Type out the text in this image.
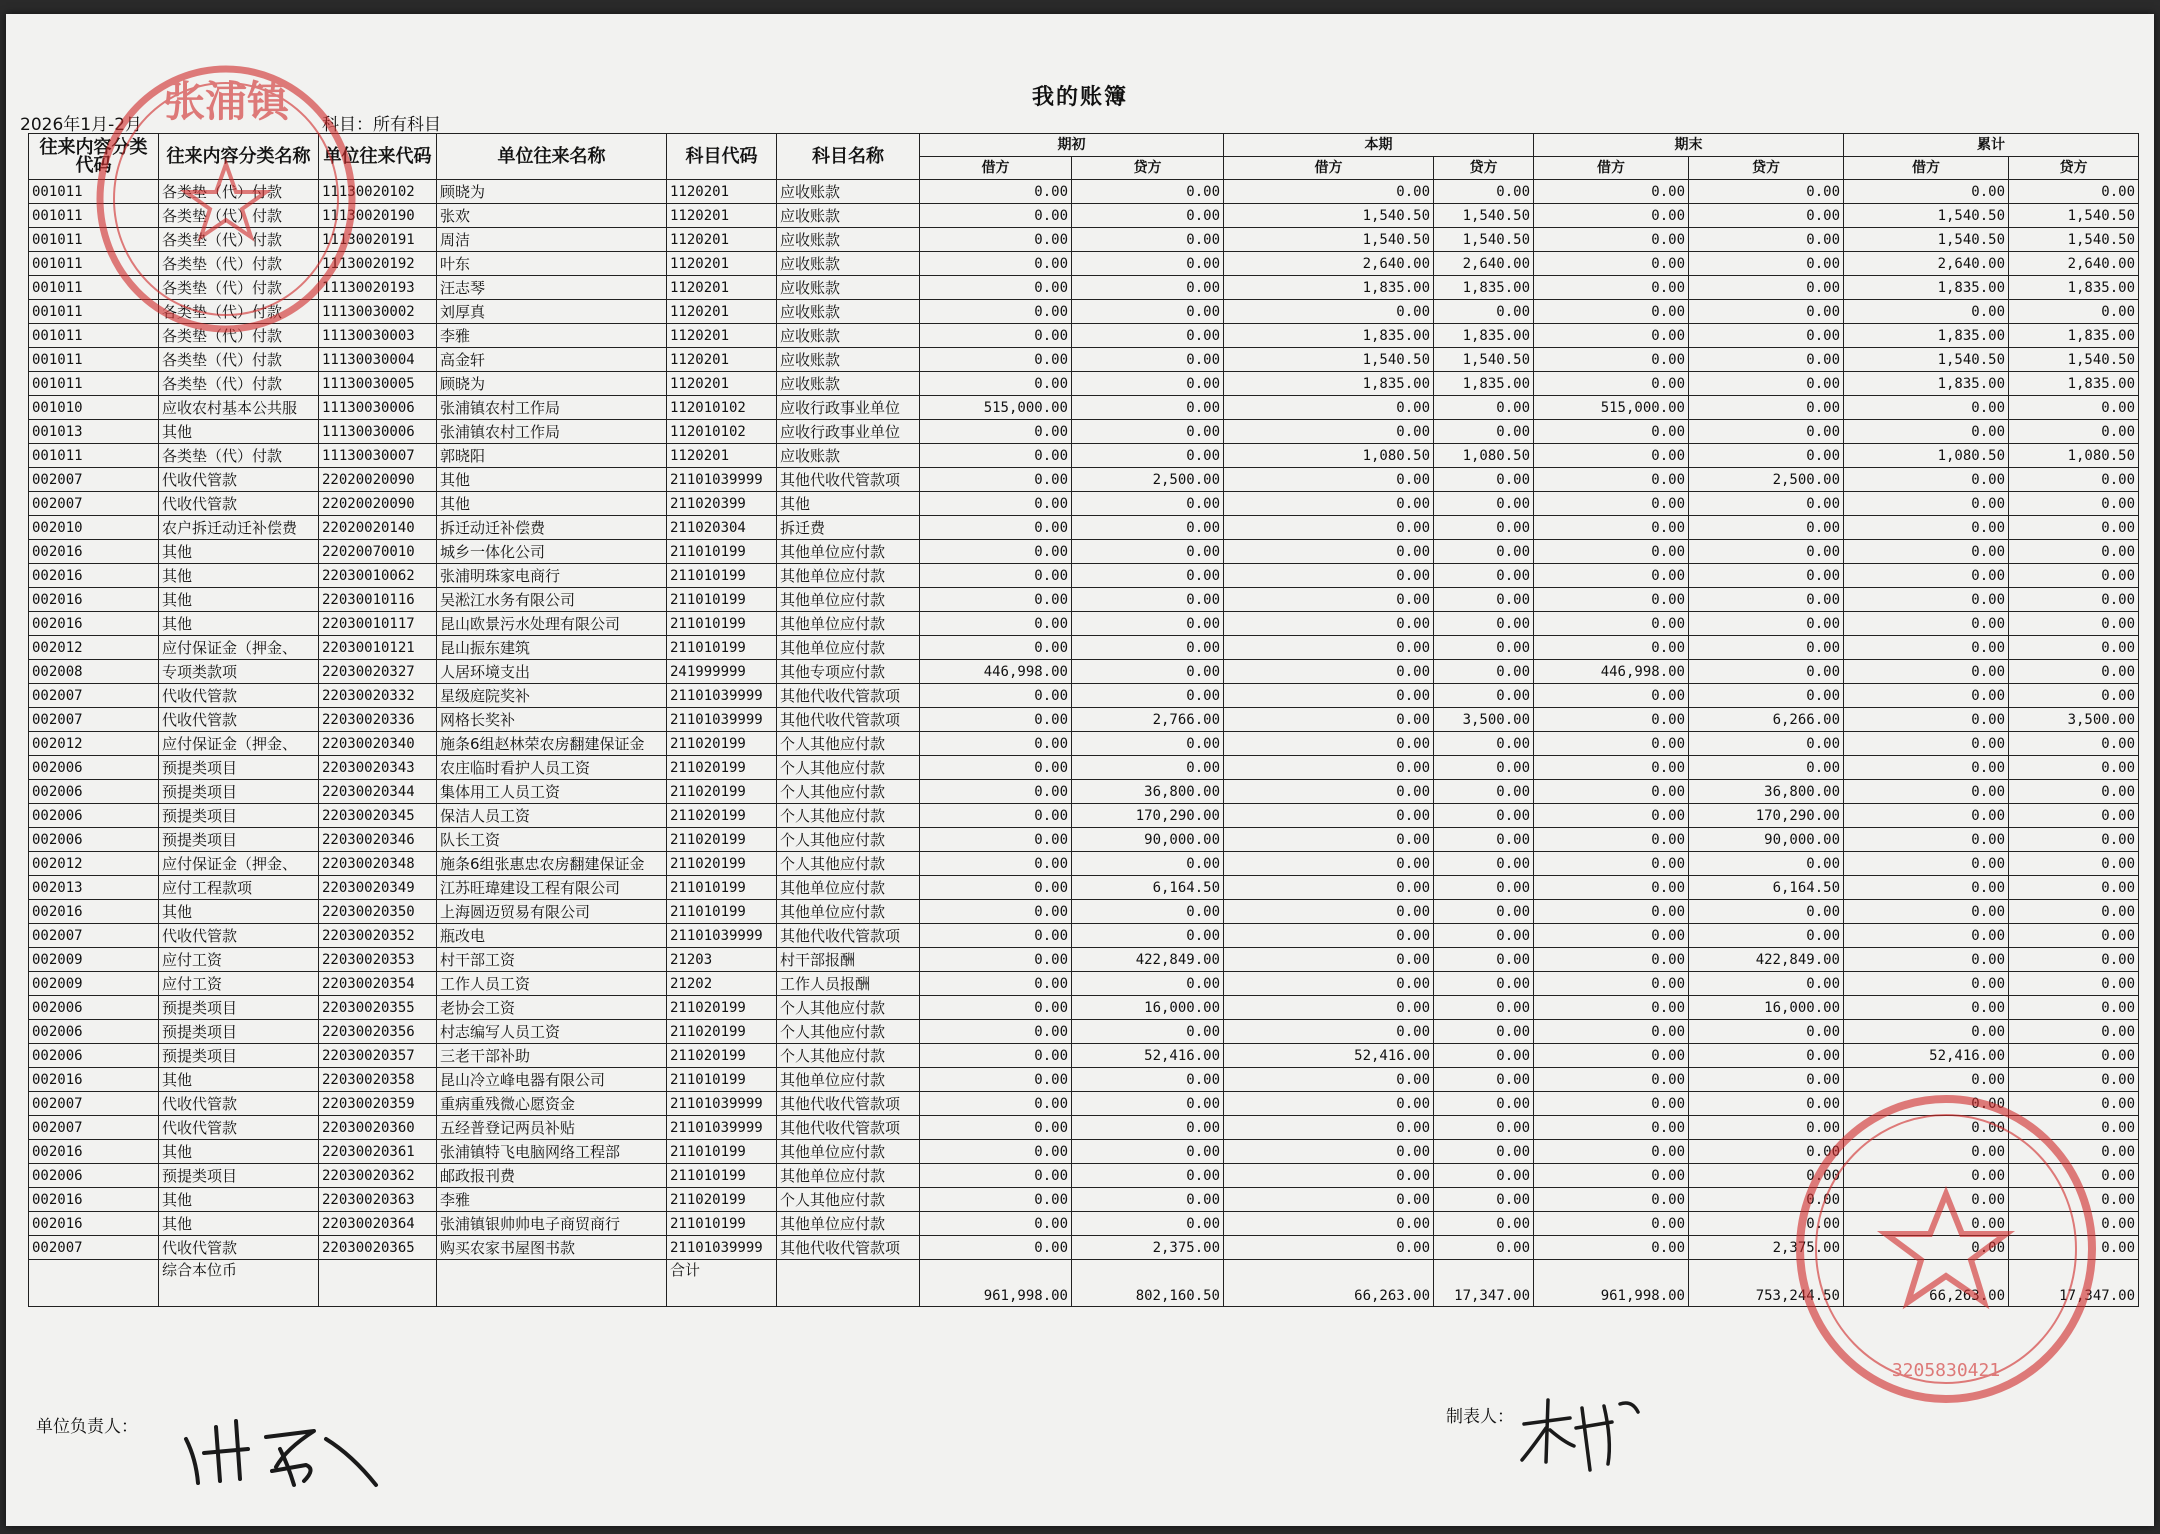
我的账簿
2026年1月-2月	科目：所有科目
往来内容分类代码	往来内容分类名称	单位往来代码	单位往来名称	科目代码	科目名称	期初		本期		期末		累计	
						借方	贷方	借方	贷方	借方	贷方	借方	贷方
001011	各类垫（代）付款	11130020102	顾晓为	1120201	应收账款	0.00	0.00	0.00	0.00	0.00	0.00	0.00	0.00
001011	各类垫（代）付款	11130020190	张欢	1120201	应收账款	0.00	0.00	1,540.50	1,540.50	0.00	0.00	1,540.50	1,540.50
001011	各类垫（代）付款	11130020191	周洁	1120201	应收账款	0.00	0.00	1,540.50	1,540.50	0.00	0.00	1,540.50	1,540.50
001011	各类垫（代）付款	11130020192	叶东	1120201	应收账款	0.00	0.00	2,640.00	2,640.00	0.00	0.00	2,640.00	2,640.00
001011	各类垫（代）付款	11130020193	汪志琴	1120201	应收账款	0.00	0.00	1,835.00	1,835.00	0.00	0.00	1,835.00	1,835.00
001011	各类垫（代）付款	11130030002	刘厚真	1120201	应收账款	0.00	0.00	0.00	0.00	0.00	0.00	0.00	0.00
001011	各类垫（代）付款	11130030003	李雅	1120201	应收账款	0.00	0.00	1,835.00	1,835.00	0.00	0.00	1,835.00	1,835.00
001011	各类垫（代）付款	11130030004	高金轩	1120201	应收账款	0.00	0.00	1,540.50	1,540.50	0.00	0.00	1,540.50	1,540.50
001011	各类垫（代）付款	11130030005	顾晓为	1120201	应收账款	0.00	0.00	1,835.00	1,835.00	0.00	0.00	1,835.00	1,835.00
001010	应收农村基本公共服	11130030006	张浦镇农村工作局	112010102	应收行政事业单位	515,000.00	0.00	0.00	0.00	515,000.00	0.00	0.00	0.00
001013	其他	11130030006	张浦镇农村工作局	112010102	应收行政事业单位	0.00	0.00	0.00	0.00	0.00	0.00	0.00	0.00
001011	各类垫（代）付款	11130030007	郭晓阳	1120201	应收账款	0.00	0.00	1,080.50	1,080.50	0.00	0.00	1,080.50	1,080.50
002007	代收代管款	22020020090	其他	21101039999	其他代收代管款项	0.00	2,500.00	0.00	0.00	0.00	2,500.00	0.00	0.00
002007	代收代管款	22020020090	其他	211020399	其他	0.00	0.00	0.00	0.00	0.00	0.00	0.00	0.00
002010	农户拆迁动迁补偿费	22020020140	拆迁动迁补偿费	211020304	拆迁费	0.00	0.00	0.00	0.00	0.00	0.00	0.00	0.00
002016	其他	22020070010	城乡一体化公司	211010199	其他单位应付款	0.00	0.00	0.00	0.00	0.00	0.00	0.00	0.00
002016	其他	22030010062	张浦明珠家电商行	211010199	其他单位应付款	0.00	0.00	0.00	0.00	0.00	0.00	0.00	0.00
002016	其他	22030010116	吴淞江水务有限公司	211010199	其他单位应付款	0.00	0.00	0.00	0.00	0.00	0.00	0.00	0.00
002016	其他	22030010117	昆山欧景污水处理有限公司	211010199	其他单位应付款	0.00	0.00	0.00	0.00	0.00	0.00	0.00	0.00
002012	应付保证金（押金、	22030010121	昆山振东建筑	211010199	其他单位应付款	0.00	0.00	0.00	0.00	0.00	0.00	0.00	0.00
002008	专项类款项	22030020327	人居环境支出	241999999	其他专项应付款	446,998.00	0.00	0.00	0.00	446,998.00	0.00	0.00	0.00
002007	代收代管款	22030020332	星级庭院奖补	21101039999	其他代收代管款项	0.00	0.00	0.00	0.00	0.00	0.00	0.00	0.00
002007	代收代管款	22030020336	网格长奖补	21101039999	其他代收代管款项	0.00	2,766.00	0.00	3,500.00	0.00	6,266.00	0.00	3,500.00
002012	应付保证金（押金、	22030020340	施条6组赵林荣农房翻建保证金	211020199	个人其他应付款	0.00	0.00	0.00	0.00	0.00	0.00	0.00	0.00
002006	预提类项目	22030020343	农庄临时看护人员工资	211020199	个人其他应付款	0.00	0.00	0.00	0.00	0.00	0.00	0.00	0.00
002006	预提类项目	22030020344	集体用工人员工资	211020199	个人其他应付款	0.00	36,800.00	0.00	0.00	0.00	36,800.00	0.00	0.00
002006	预提类项目	22030020345	保洁人员工资	211020199	个人其他应付款	0.00	170,290.00	0.00	0.00	0.00	170,290.00	0.00	0.00
002006	预提类项目	22030020346	队长工资	211020199	个人其他应付款	0.00	90,000.00	0.00	0.00	0.00	90,000.00	0.00	0.00
002012	应付保证金（押金、	22030020348	施条6组张惠忠农房翻建保证金	211020199	个人其他应付款	0.00	0.00	0.00	0.00	0.00	0.00	0.00	0.00
002013	应付工程款项	22030020349	江苏旺瑋建设工程有限公司	211010199	其他单位应付款	0.00	6,164.50	0.00	0.00	0.00	6,164.50	0.00	0.00
002016	其他	22030020350	上海圆迈贸易有限公司	211010199	其他单位应付款	0.00	0.00	0.00	0.00	0.00	0.00	0.00	0.00
002007	代收代管款	22030020352	瓶改电	21101039999	其他代收代管款项	0.00	0.00	0.00	0.00	0.00	0.00	0.00	0.00
002009	应付工资	22030020353	村干部工资	21203	村干部报酬	0.00	422,849.00	0.00	0.00	0.00	422,849.00	0.00	0.00
002009	应付工资	22030020354	工作人员工资	21202	工作人员报酬	0.00	0.00	0.00	0.00	0.00	0.00	0.00	0.00
002006	预提类项目	22030020355	老协会工资	211020199	个人其他应付款	0.00	16,000.00	0.00	0.00	0.00	16,000.00	0.00	0.00
002006	预提类项目	22030020356	村志编写人员工资	211020199	个人其他应付款	0.00	0.00	0.00	0.00	0.00	0.00	0.00	0.00
002006	预提类项目	22030020357	三老干部补助	211020199	个人其他应付款	0.00	52,416.00	52,416.00	0.00	0.00	0.00	52,416.00	0.00
002016	其他	22030020358	昆山冷立峰电器有限公司	211010199	其他单位应付款	0.00	0.00	0.00	0.00	0.00	0.00	0.00	0.00
002007	代收代管款	22030020359	重病重残微心愿资金	21101039999	其他代收代管款项	0.00	0.00	0.00	0.00	0.00	0.00	0.00	0.00
002007	代收代管款	22030020360	五经普登记两员补贴	21101039999	其他代收代管款项	0.00	0.00	0.00	0.00	0.00	0.00	0.00	0.00
002016	其他	22030020361	张浦镇特飞电脑网络工程部	211010199	其他单位应付款	0.00	0.00	0.00	0.00	0.00	0.00	0.00	0.00
002006	预提类项目	22030020362	邮政报刊费	211010199	其他单位应付款	0.00	0.00	0.00	0.00	0.00	0.00	0.00	0.00
002016	其他	22030020363	李雅	211020199	个人其他应付款	0.00	0.00	0.00	0.00	0.00	0.00	0.00	0.00
002016	其他	22030020364	张浦镇银帅帅电子商贸商行	211010199	其他单位应付款	0.00	0.00	0.00	0.00	0.00	0.00	0.00	0.00
002007	代收代管款	22030020365	购买农家书屋图书款	21101039999	其他代收代管款项	0.00	2,375.00	0.00	0.00	0.00	2,375.00	0.00	0.00
	综合本位币			合计		961,998.00	802,160.50	66,263.00	17,347.00	961,998.00	753,244.50	66,263.00	17,347.00
单位负责人：	制表人：
张浦镇
3205830421
